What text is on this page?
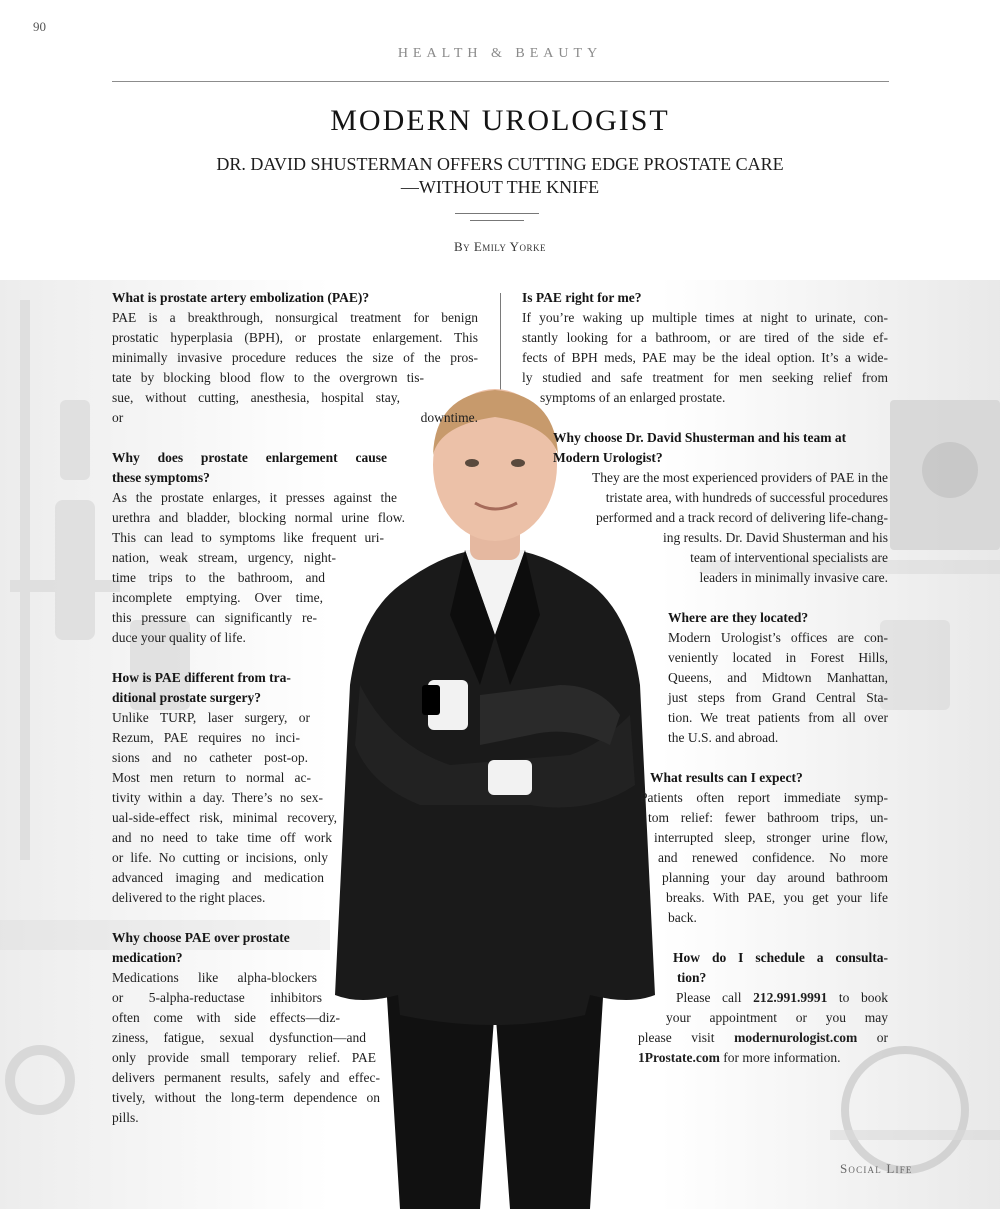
90
HEALTH & BEAUTY
MODERN UROLOGIST
DR. DAVID SHUSTERMAN OFFERS CUTTING EDGE PROSTATE CARE
—WITHOUT THE KNIFE
By Emily Yorke
What is prostate artery embolization (PAE)?
PAE is a breakthrough, nonsurgical treatment for benign
prostatic hyperplasia (BPH), or prostate enlargement. This
minimally invasive procedure reduces the size of the pros-
tate by blocking blood flow to the overgrown tis-
sue, without cutting, anesthesia, hospital stay,
or downtime.
Why does prostate enlargement cause
these symptoms?
As the prostate enlarges, it presses against the
urethra and bladder, blocking normal urine flow.
This can lead to symptoms like frequent uri-
nation, weak stream, urgency, night-
time trips to the bathroom, and
incomplete emptying. Over time,
this pressure can significantly re-
duce your quality of life.
How is PAE different from tra-
ditional prostate surgery?
Unlike TURP, laser surgery, or
Rezum, PAE requires no inci-
sions and no catheter post-op.
Most men return to normal ac-
tivity within a day. There’s no sex-
ual-side-effect risk, minimal recovery,
and no need to take time off work
or life. No cutting or incisions, only
advanced imaging and medication
delivered to the right places.
Why choose PAE over prostate
medication?
Medications like alpha-blockers
or 5-alpha-reductase inhibitors
often come with side effects—diz-
ziness, fatigue, sexual dysfunction—and
only provide small temporary relief. PAE
delivers permanent results, safely and effec-
tively, without the long-term dependence on
pills.
Is PAE right for me?
If you’re waking up multiple times at night to urinate, con-
stantly looking for a bathroom, or are tired of the side ef-
fects of BPH meds, PAE may be the ideal option. It’s a wide-
ly studied and safe treatment for men seeking relief from
symptoms of an enlarged prostate.
Why choose Dr. David Shusterman and his team at
Modern Urologist?
They are the most experienced providers of PAE in the
tristate area, with hundreds of successful procedures
performed and a track record of delivering life-chang-
ing results. Dr. David Shusterman and his
team of interventional specialists are
leaders in minimally invasive care.
Where are they located?
Modern Urologist’s offices are con-
veniently located in Forest Hills,
Queens, and Midtown Manhattan,
just steps from Grand Central Sta-
tion. We treat patients from all over
the U.S. and abroad.
What results can I expect?
Patients often report immediate symp-
tom relief: fewer bathroom trips, un-
interrupted sleep, stronger urine flow,
and renewed confidence. No more
planning your day around bathroom
breaks. With PAE, you get your life
back.
How do I schedule a consulta-
tion?
Please call 212.991.9991 to book
your appointment or you may
please visit modernurologist.com or
1Prostate.com for more information.
Social Life
